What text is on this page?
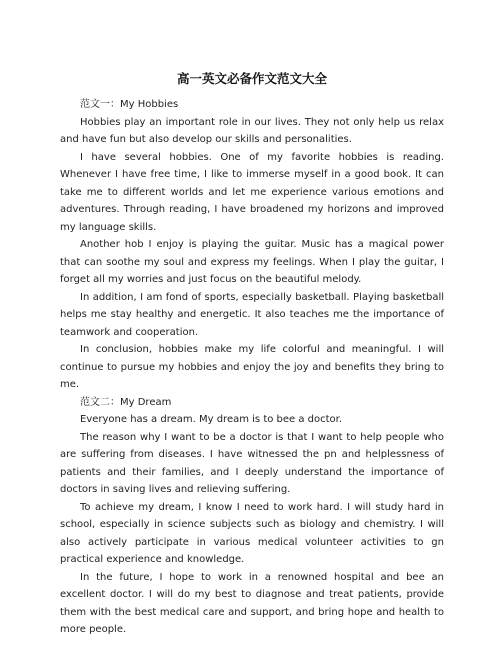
高一英文必备作文范文大全
范文一：My Hobbies

Hobbies play an important role in our lives. They not only help us relax and have fun but also develop our skills and personalities.

I have several hobbies. One of my favorite hobbies is reading. Whenever I have free time, I like to immerse myself in a good book. It can take me to different worlds and let me experience various emotions and adventures. Through reading, I have broadened my horizons and improved my language skills.

Another hob I enjoy is playing the guitar. Music has a magical power that can soothe my soul and express my feelings. When I play the guitar, I forget all my worries and just focus on the beautiful melody.

In addition, I am fond of sports, especially basketball. Playing basketball helps me stay healthy and energetic. It also teaches me the importance of teamwork and cooperation.

In conclusion, hobbies make my life colorful and meaningful. I will continue to pursue my hobbies and enjoy the joy and benefits they bring to me.

范文二：My Dream

Everyone has a dream. My dream is to bee a doctor.

The reason why I want to be a doctor is that I want to help people who are suffering from diseases. I have witnessed the pn and helplessness of patients and their families, and I deeply understand the importance of doctors in saving lives and relieving suffering.

To achieve my dream, I know I need to work hard. I will study hard in school, especially in science subjects such as biology and chemistry. I will also actively participate in various medical volunteer activities to gn practical experience and knowledge.

In the future, I hope to work in a renowned hospital and bee an excellent doctor. I will do my best to diagnose and treat patients, provide them with the best medical care and support, and bring hope and health to more people.
